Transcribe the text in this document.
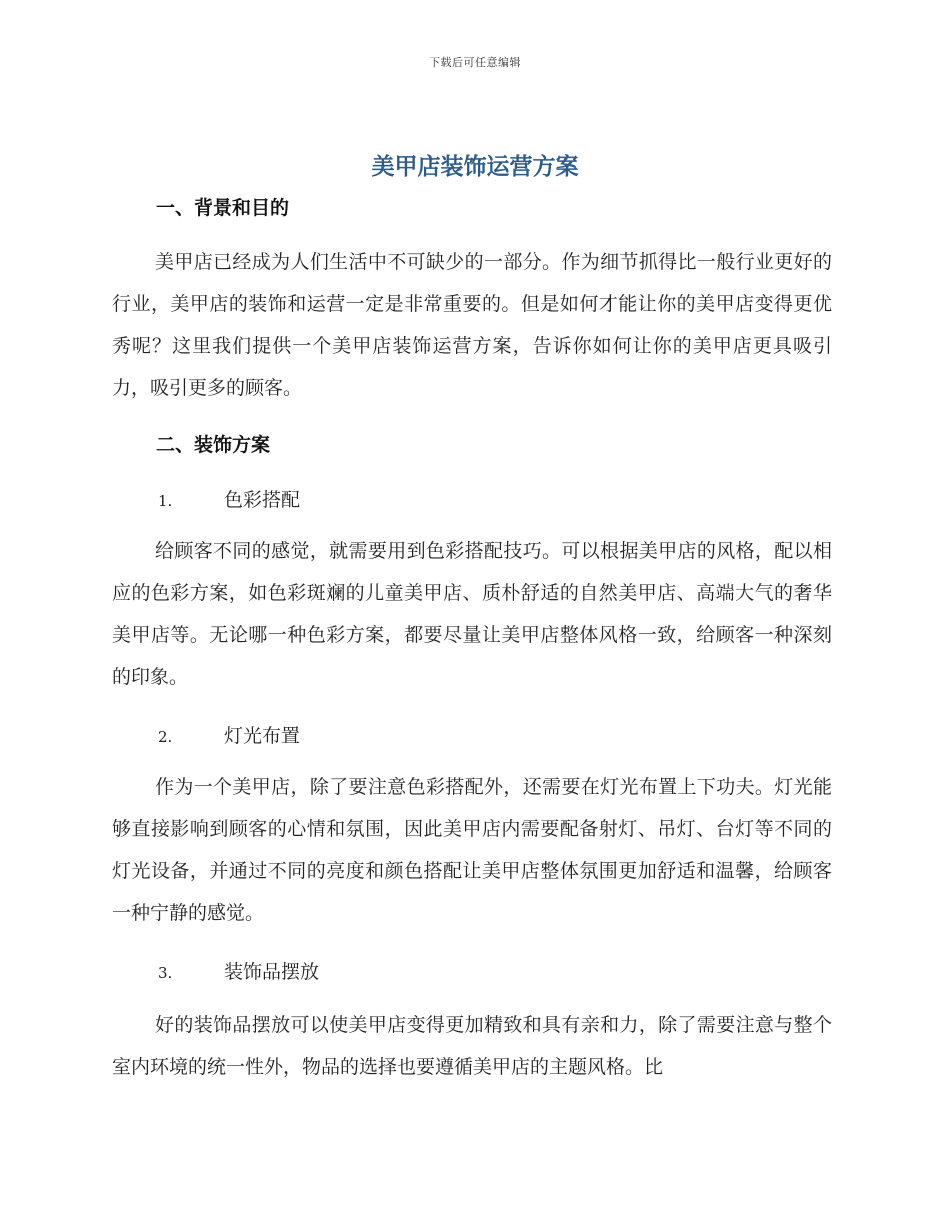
下载后可任意编辑
美甲店装饰运营方案
一、背景和目的
美甲店已经成为人们生活中不可缺少的一部分。作为细节抓得比一般行业更好的行业，美甲店的装饰和运营一定是非常重要的。但是如何才能让你的美甲店变得更优秀呢？这里我们提供一个美甲店装饰运营方案，告诉你如何让你的美甲店更具吸引力，吸引更多的顾客。
二、装饰方案
1.	色彩搭配
给顾客不同的感觉，就需要用到色彩搭配技巧。可以根据美甲店的风格，配以相应的色彩方案，如色彩斑斓的儿童美甲店、质朴舒适的自然美甲店、高端大气的奢华美甲店等。无论哪一种色彩方案，都要尽量让美甲店整体风格一致，给顾客一种深刻的印象。
2.	灯光布置
作为一个美甲店，除了要注意色彩搭配外，还需要在灯光布置上下功夫。灯光能够直接影响到顾客的心情和氛围，因此美甲店内需要配备射灯、吊灯、台灯等不同的灯光设备，并通过不同的亮度和颜色搭配让美甲店整体氛围更加舒适和温馨，给顾客一种宁静的感觉。
3.	装饰品摆放
好的装饰品摆放可以使美甲店变得更加精致和具有亲和力，除了需要注意与整个室内环境的统一性外，物品的选择也要遵循美甲店的主题风格。比
